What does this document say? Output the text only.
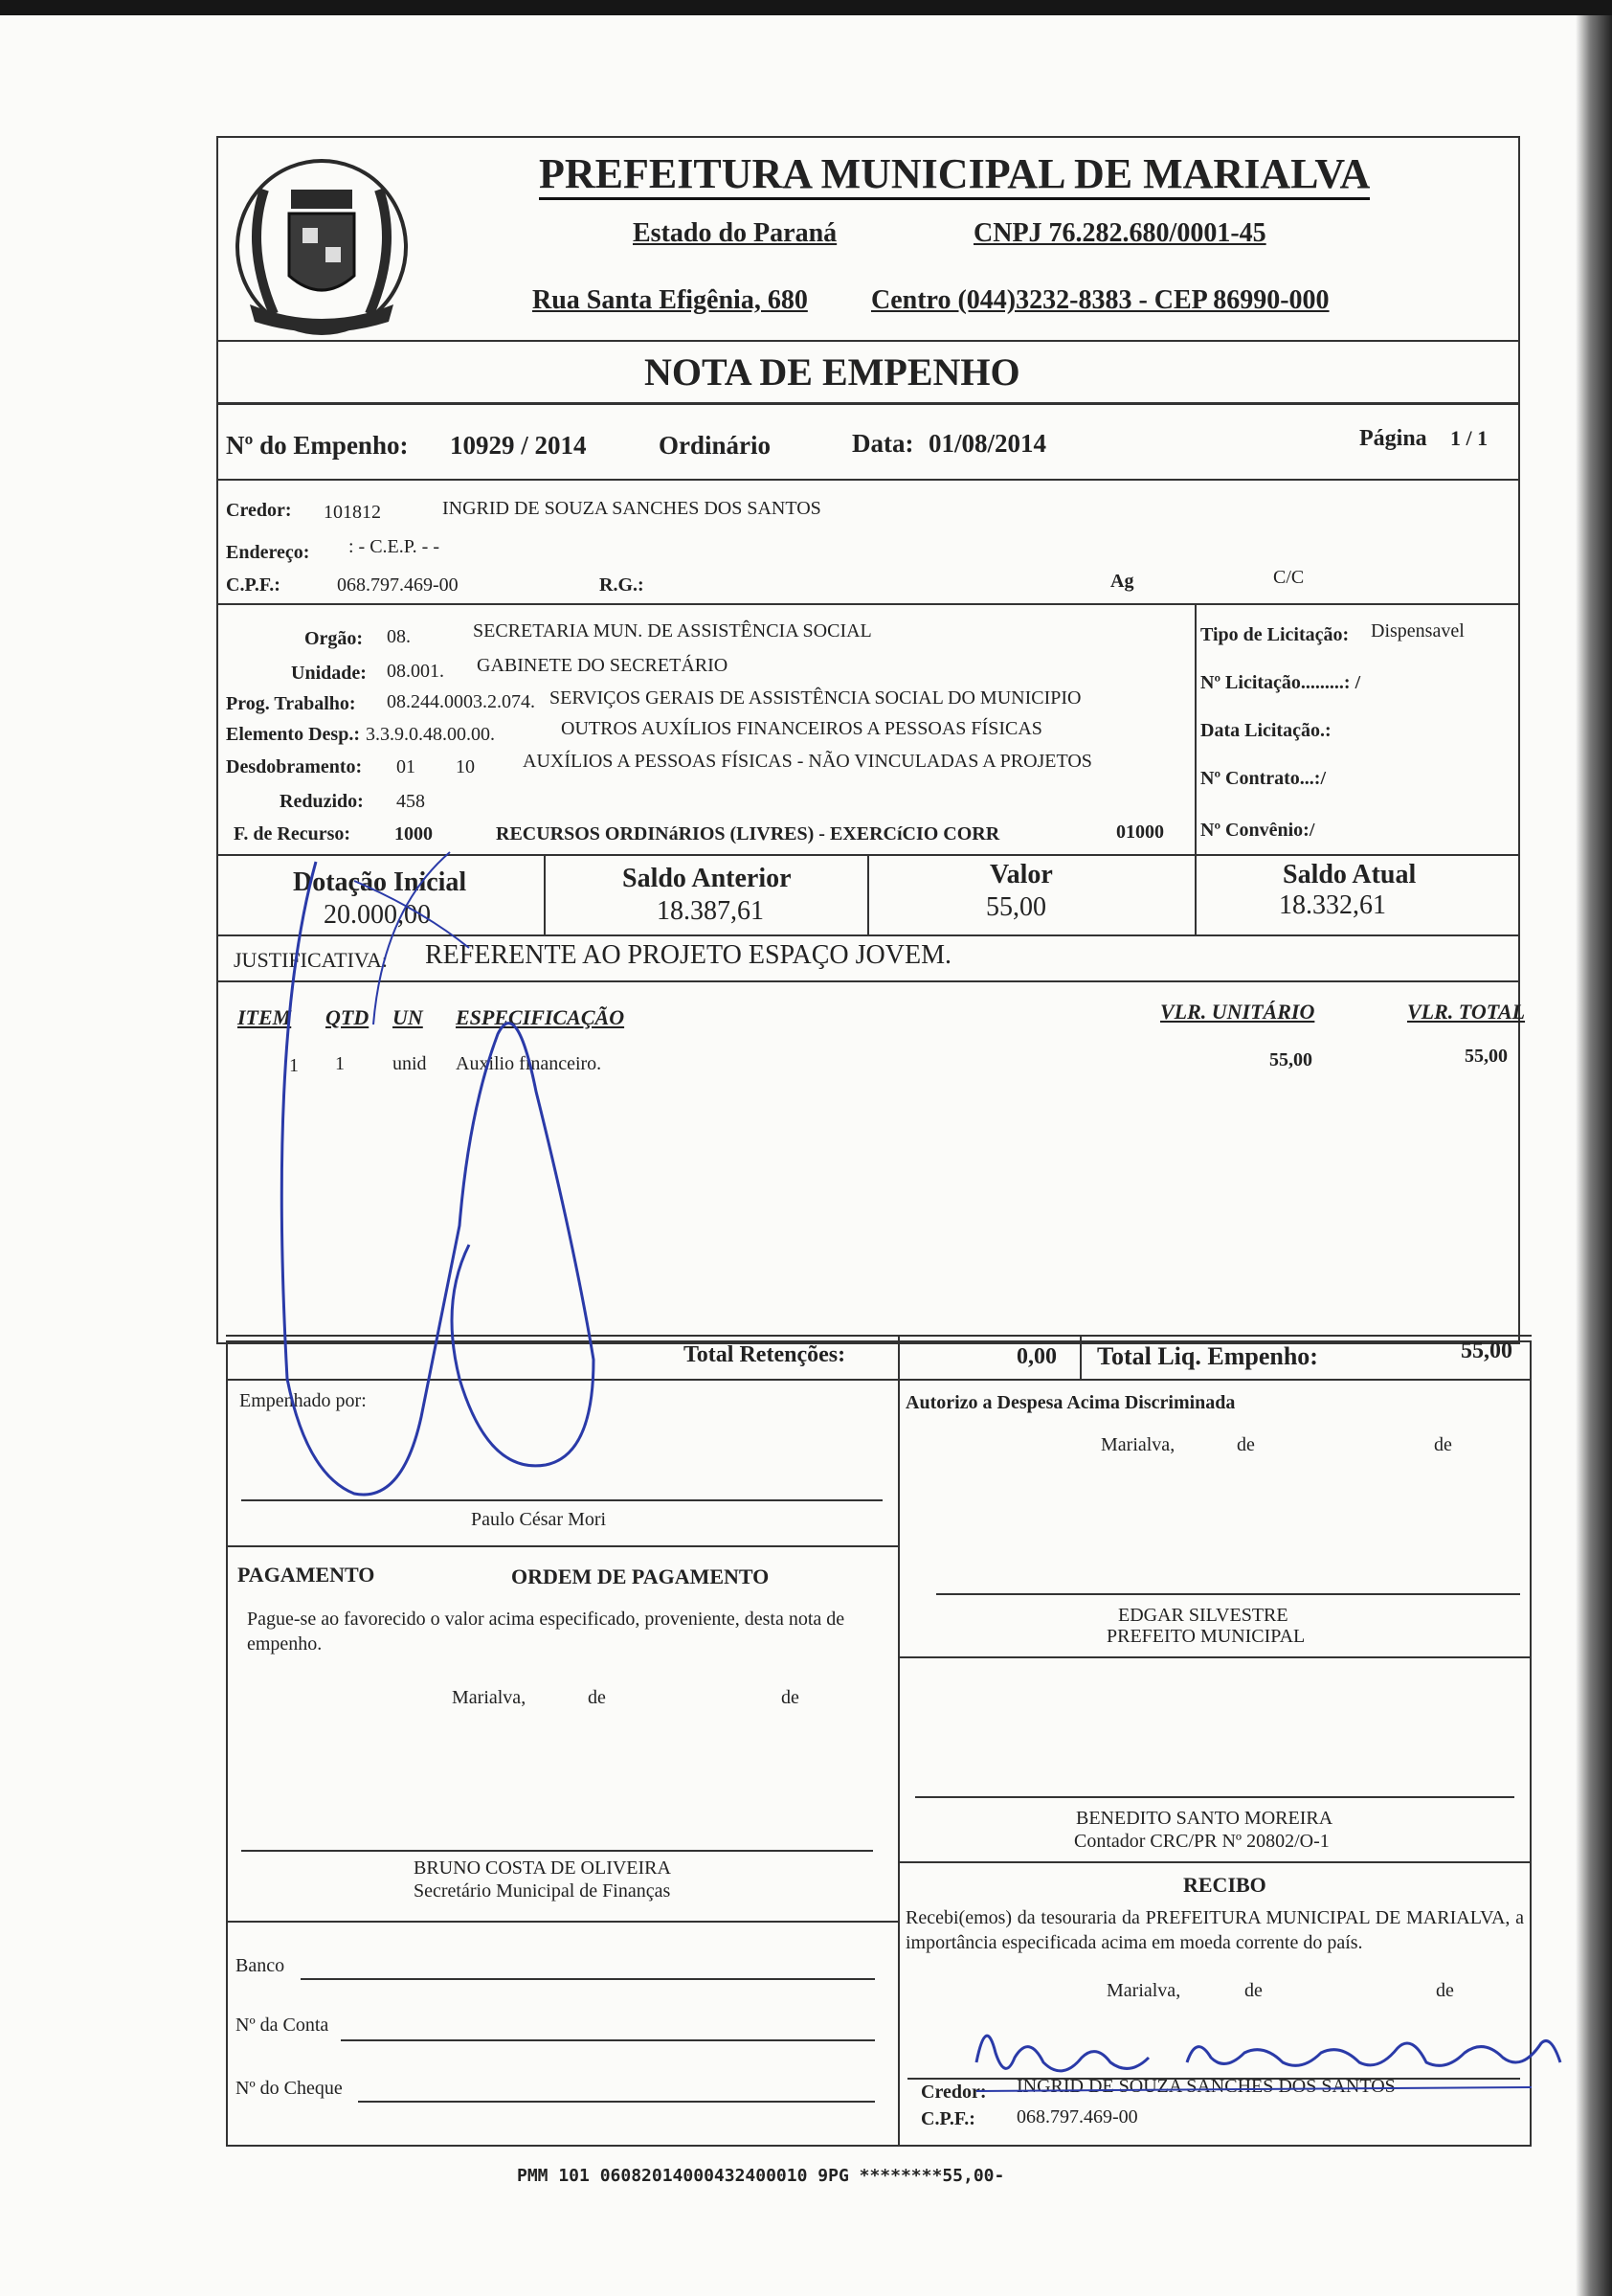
PREFEITURA MUNICIPAL DE MARIALVA
Estado do Paraná	CNPJ 76.282.680/0001-45
Rua Santa Efigênia, 680 Centro (044)3232-8383 - CEP 86990-000
NOTA DE EMPENHO
Nº do Empenho: 10929 / 2014	Ordinário	Data: 01/08/2014	Página 1 / 1
Credor: 101812	INGRID DE SOUZA SANCHES DOS SANTOS
Endereço: : - C.E.P. - -
C.P.F.:	068.797.469-00	R.G.:	Ag	C/C
Orgão: 08.	SECRETARIA MUN. DE ASSISTÊNCIA SOCIAL
Unidade: 08.001. GABINETE DO SECRETÁRIO
Prog. Trabalho: 08.244.0003.2.074. SERVIÇOS GERAIS DE ASSISTÊNCIA SOCIAL DO MUNICIPIO
Elemento Desp.: 3.3.9.0.48.00.00.	OUTROS AUXÍLIOS FINANCEIROS A PESSOAS FÍSICAS
Desdobramento: 01 10	AUXÍLIOS A PESSOAS FÍSICAS - NÃO VINCULADAS A PROJETOS
Reduzido: 458
F. de Recurso: 1000	RECURSOS ORDINáRIOS (LIVRES) - EXERCíCIO CORR	01000
Tipo de Licitação: Dispensavel
Nº Licitação.........: /
Data Licitação.:
Nº Contrato...:/
Nº Convênio:/
Dotação Inicial
20.000,00
Saldo Anterior
18.387,61
Valor
55,00
Saldo Atual
18.332,61
JUSTIFICATIVA: REFERENTE AO PROJETO ESPAÇO JOVEM.
ITEM QTD UN ESPECIFICAÇÃO	VLR. UNITÁRIO	VLR. TOTAL
1 1	unid Auxilio financeiro.	55,00	55,00
Total Retenções:	0,00 Total Liq. Empenho:	55,00
Empenhado por:
Paulo César Mori
Autorizo a Despesa Acima Discriminada
Marialva,	de	de
PAGAMENTO	ORDEM DE PAGAMENTO
Pague-se ao favorecido o valor acima especificado, proveniente, desta nota de empenho.
Marialva,	de	de
BRUNO COSTA DE OLIVEIRA
Secretário Municipal de Finanças
Banco
Nº da Conta
Nº do Cheque
EDGAR SILVESTRE
PREFEITO MUNICIPAL
BENEDITO SANTO MOREIRA
Contador CRC/PR Nº 20802/O-1
RECIBO
Recebi(emos) da tesouraria da PREFEITURA MUNICIPAL DE MARIALVA, a importância especificada acima em moeda corrente do país.
Marialva,	de	de
Credor: INGRID DE SOUZA SANCHES DOS SANTOS
C.P.F.: 068.797.469-00
PMM 101 06082014000432400010 9PG ********55,00-
